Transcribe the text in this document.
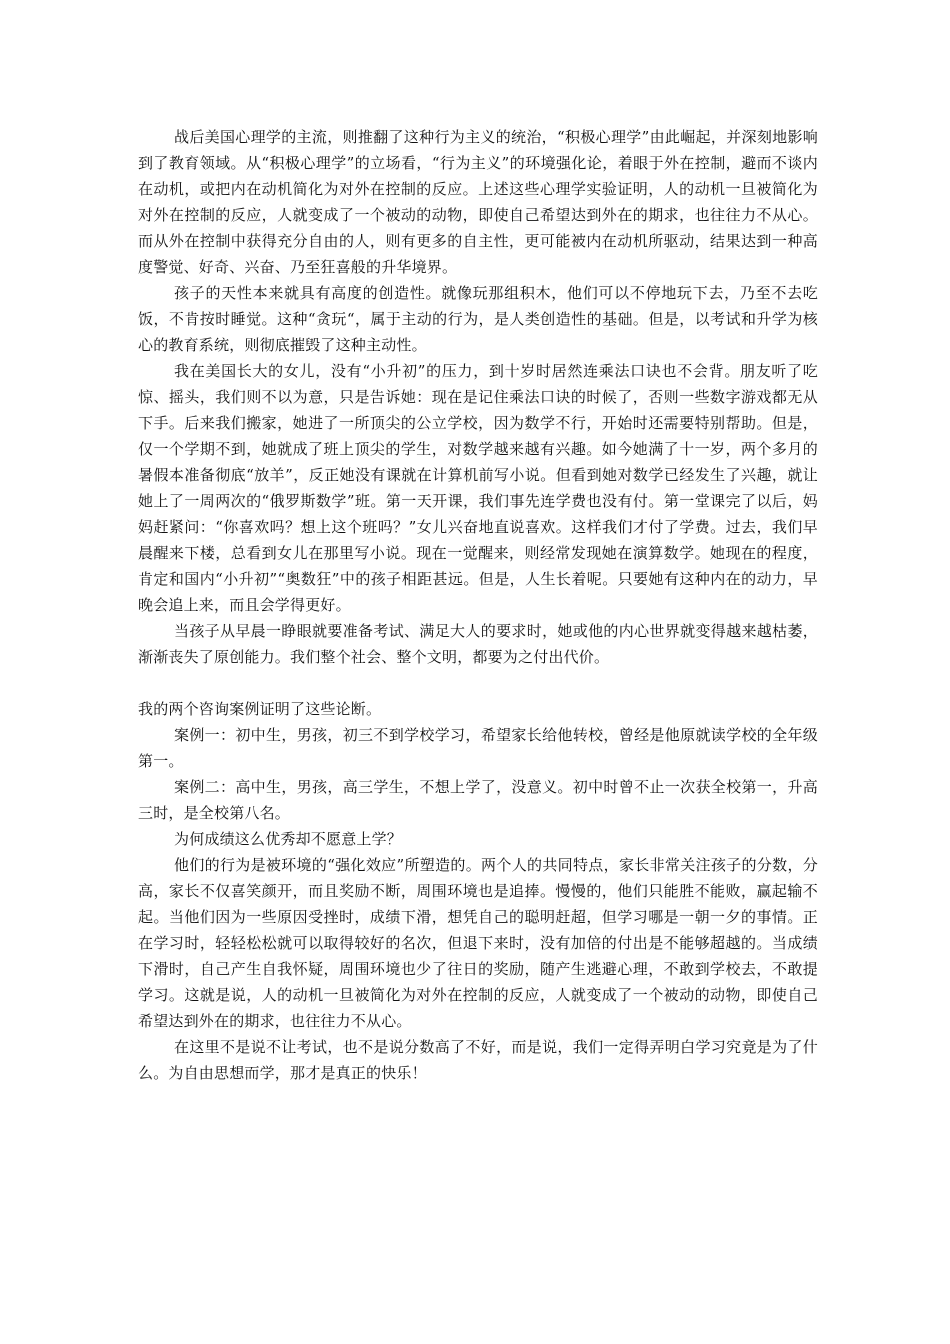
战后美国心理学的主流，则推翻了这种行为主义的统治，“积极心理学”由此崛起，并深刻地影响到了教育领域。从“积极心理学”的立场看，“行为主义”的环境强化论，着眼于外在控制，避而不谈内在动机，或把内在动机简化为对外在控制的反应。上述这些心理学实验证明，人的动机一旦被简化为对外在控制的反应，人就变成了一个被动的动物，即使自己希望达到外在的期求，也往往力不从心。而从外在控制中获得充分自由的人，则有更多的自主性，更可能被内在动机所驱动，结果达到一种高度警觉、好奇、兴奋、乃至狂喜般的升华境界。

孩子的天性本来就具有高度的创造性。就像玩那组积木，他们可以不停地玩下去，乃至不去吃饭，不肯按时睡觉。这种“贪玩“，属于主动的行为，是人类创造性的基础。但是，以考试和升学为核心的教育系统，则彻底摧毁了这种主动性。

我在美国长大的女儿，没有“小升初”的压力，到十岁时居然连乘法口诀也不会背。朋友听了吃惊、摇头，我们则不以为意，只是告诉她：现在是记住乘法口诀的时候了，否则一些数字游戏都无从下手。后来我们搬家，她进了一所顶尖的公立学校，因为数学不行，开始时还需要特别帮助。但是，仅一个学期不到，她就成了班上顶尖的学生，对数学越来越有兴趣。如今她满了十一岁，两个多月的暑假本准备彻底“放羊”，反正她没有课就在计算机前写小说。但看到她对数学已经发生了兴趣，就让她上了一周两次的“俄罗斯数学”班。第一天开课，我们事先连学费也没有付。第一堂课完了以后，妈妈赶紧问：“你喜欢吗？想上这个班吗？”女儿兴奋地直说喜欢。这样我们才付了学费。过去，我们早晨醒来下楼，总看到女儿在那里写小说。现在一觉醒来，则经常发现她在演算数学。她现在的程度，肯定和国内“小升初”“奥数狂”中的孩子相距甚远。但是，人生长着呢。只要她有这种内在的动力，早晚会追上来，而且会学得更好。

当孩子从早晨一睁眼就要准备考试、满足大人的要求时，她或他的内心世界就变得越来越枯萎，渐渐丧失了原创能力。我们整个社会、整个文明，都要为之付出代价。

我的两个咨询案例证明了这些论断。

案例一：初中生，男孩，初三不到学校学习，希望家长给他转校，曾经是他原就读学校的全年级第一。

案例二：高中生，男孩，高三学生，不想上学了，没意义。初中时曾不止一次获全校第一，升高三时，是全校第八名。

为何成绩这么优秀却不愿意上学？

他们的行为是被环境的“强化效应”所塑造的。两个人的共同特点，家长非常关注孩子的分数，分高，家长不仅喜笑颜开，而且奖励不断，周围环境也是追捧。慢慢的，他们只能胜不能败，赢起输不起。当他们因为一些原因受挫时，成绩下滑，想凭自己的聪明赶超，但学习哪是一朝一夕的事情。正在学习时，轻轻松松就可以取得较好的名次，但退下来时，没有加倍的付出是不能够超越的。当成绩下滑时，自己产生自我怀疑，周围环境也少了往日的奖励，随产生逃避心理，不敢到学校去，不敢提学习。这就是说，人的动机一旦被简化为对外在控制的反应，人就变成了一个被动的动物，即使自己希望达到外在的期求，也往往力不从心。

在这里不是说不让考试，也不是说分数高了不好，而是说，我们一定得弄明白学习究竟是为了什么。为自由思想而学，那才是真正的快乐！
